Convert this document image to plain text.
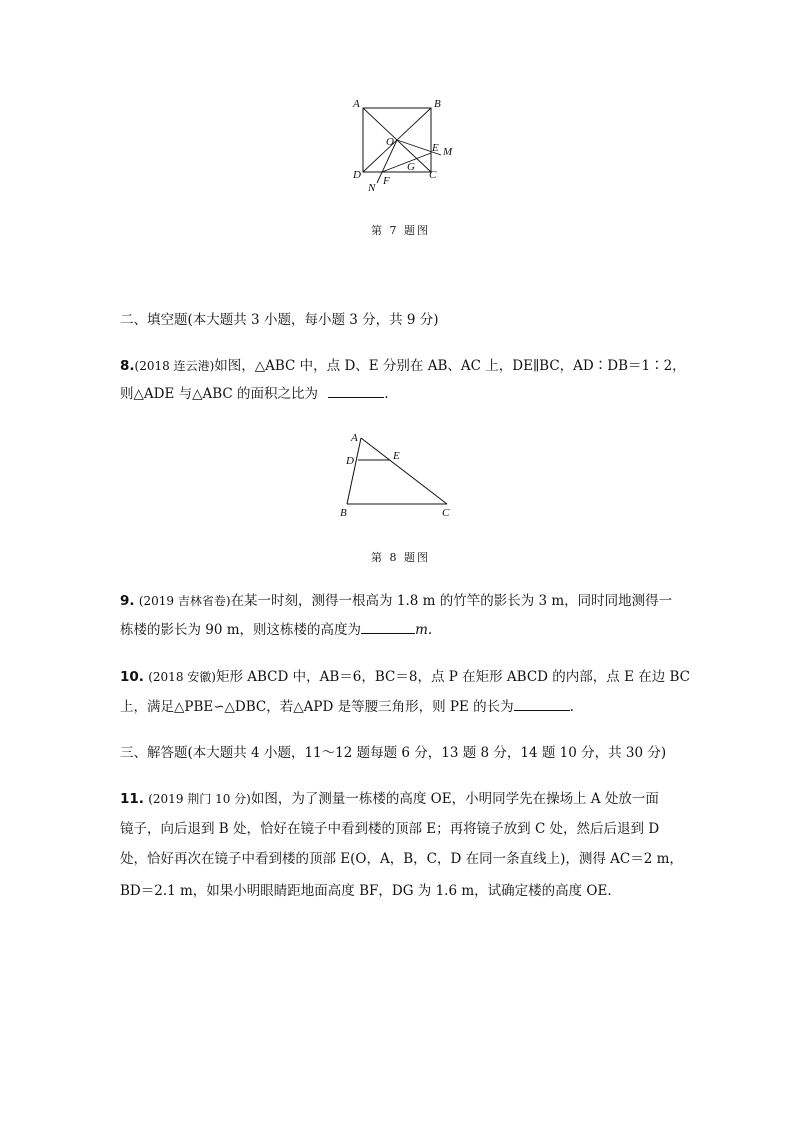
A	B
O	E M
G
D	C
F
N
第 7 题图
二、填空题(本大题共 3 小题，每小题 3 分，共 9 分)
8.(2018 连云港)如图，△ABC 中，点 D、E 分别在 AB、AC 上，DE∥BC，AD∶DB＝1∶2，
则△ADE 与△ABC 的面积之比为	.
A
D	E
B	C
第 8 题图
9. (2019 吉林省卷)在某一时刻，测得一根高为 1.8 m 的竹竿的影长为 3 m，同时同地测得一
栋楼的影长为 90 m，则这栋楼的高度为	m.
10. (2018 安徽)矩形 ABCD 中，AB＝6，BC＝8，点 P 在矩形 ABCD 的内部，点 E 在边 BC
上，满足△PBE∽△DBC，若△APD 是等腰三角形，则 PE 的长为	.
三、解答题(本大题共 4 小题，11～12 题每题 6 分，13 题 8 分，14 题 10 分，共 30 分)
11. (2019 荆门 10 分)如图，为了测量一栋楼的高度 OE，小明同学先在操场上 A 处放一面
镜子，向后退到 B 处，恰好在镜子中看到楼的顶部 E；再将镜子放到 C 处，然后后退到 D
处，恰好再次在镜子中看到楼的顶部 E(O，A，B，C，D 在同一条直线上)，测得 AC＝2 m，
BD＝2.1 m，如果小明眼睛距地面高度 BF，DG 为 1.6 m，试确定楼的高度 OE.
